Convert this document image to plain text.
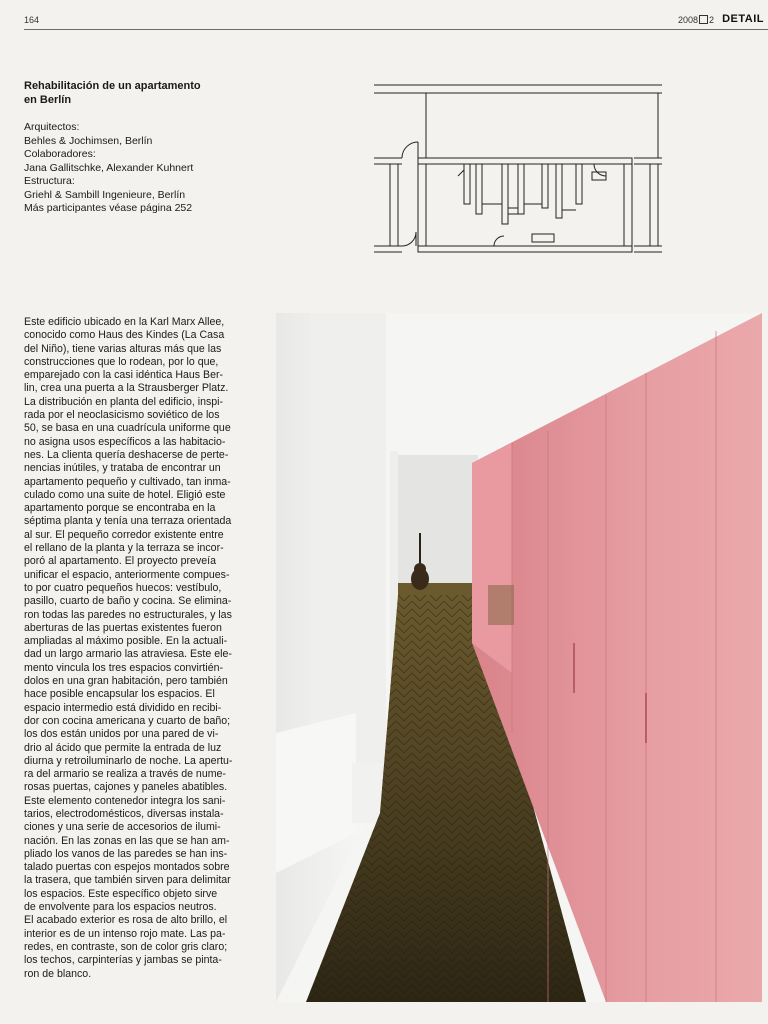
164	2008 2 DETAIL
Rehabilitación de un apartamento
en Berlín
Arquitectos:
Behles & Jochimsen, Berlín
Colaboradores:
Jana Gallitschke, Alexander Kuhnert
Estructura:
Griehl & Sambill Ingenieure, Berlín
Más participantes véase página 252
Este edificio ubicado en la Karl Marx Allee,
conocido como Haus des Kindes (La Casa
del Niño), tiene varias alturas más que las
construcciones que lo rodean, por lo que,
emparejado con la casi idéntica Haus Ber-
lin, crea una puerta a la Strausberger Platz.
La distribución en planta del edificio, inspi-
rada por el neoclasicismo soviético de los
50, se basa en una cuadrícula uniforme que
no asigna usos específicos a las habitacio-
nes. La clienta quería deshacerse de perte-
nencias inútiles, y trataba de encontrar un
apartamento pequeño y cultivado, tan inma-
culado como una suite de hotel. Eligió este
apartamento porque se encontraba en la
séptima planta y tenía una terraza orientada
al sur. El pequeño corredor existente entre
el rellano de la planta y la terraza se incor-
poró al apartamento. El proyecto preveía
unificar el espacio, anteriormente compues-
to por cuatro pequeños huecos: vestíbulo,
pasillo, cuarto de baño y cocina. Se elimina-
ron todas las paredes no estructurales, y las
aberturas de las puertas existentes fueron
ampliadas al máximo posible. En la actuali-
dad un largo armario las atraviesa. Este ele-
mento vincula los tres espacios convirtién-
dolos en una gran habitación, pero también
hace posible encapsular los espacios. El
espacio intermedio está dividido en recibi-
dor con cocina americana y cuarto de baño;
los dos están unidos por una pared de vi-
drio al ácido que permite la entrada de luz
diurna y retroiluminarlo de noche. La apertu-
ra del armario se realiza a través de nume-
rosas puertas, cajones y paneles abatibles.
Este elemento contenedor integra los sani-
tarios, electrodomésticos, diversas instala-
ciones y una serie de accesorios de ilumi-
nación. En las zonas en las que se han am-
pliado los vanos de las paredes se han ins-
talado puertas con espejos montados sobre
la trasera, que también sirven para delimitar
los espacios. Este específico objeto sirve
de envolvente para los espacios neutros.
El acabado exterior es rosa de alto brillo, el
interior es de un intenso rojo mate. Las pa-
redes, en contraste, son de color gris claro;
los techos, carpinterías y jambas se pinta-
ron de blanco.
